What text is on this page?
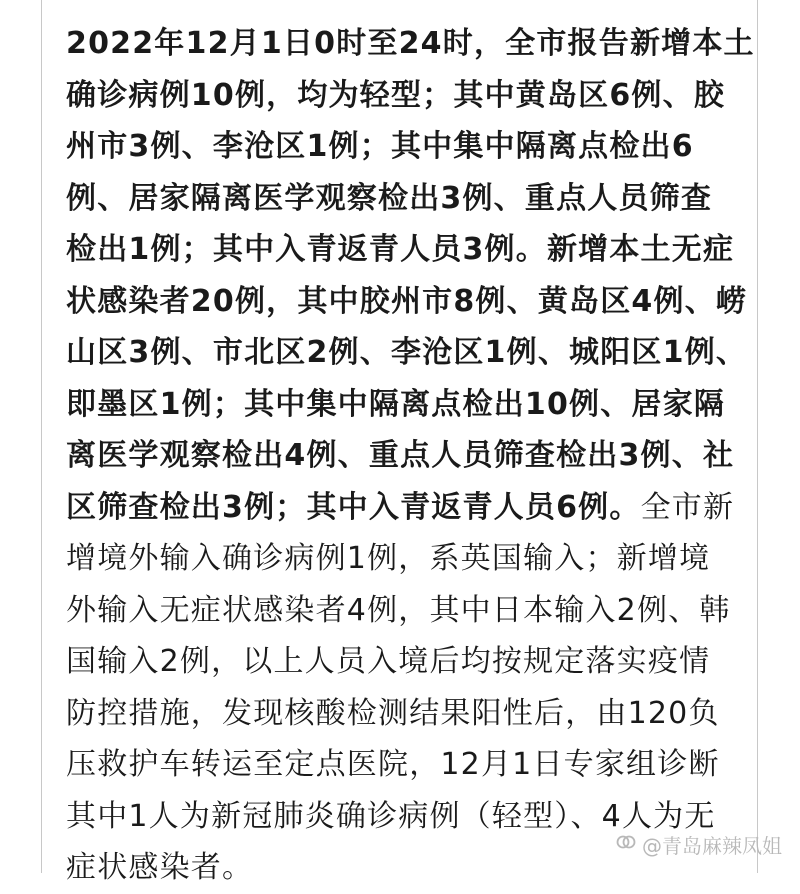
2022年12月1日0时至24时，全市报告新增本土
确诊病例10例，均为轻型；其中黄岛区6例、胶
州市3例、李沧区1例；其中集中隔离点检出6
例、居家隔离医学观察检出3例、重点人员筛查
检出1例；其中入青返青人员3例。新增本土无症
状感染者20例，其中胶州市8例、黄岛区4例、崂
山区3例、市北区2例、李沧区1例、城阳区1例、
即墨区1例；其中集中隔离点检出10例、居家隔
离医学观察检出4例、重点人员筛查检出3例、社
区筛查检出3例；其中入青返青人员6例。全市新
增境外输入确诊病例1例，系英国输入；新增境
外输入无症状感染者4例，其中日本输入2例、韩
国输入2例，以上人员入境后均按规定落实疫情
防控措施，发现核酸检测结果阳性后，由120负
压救护车转运至定点医院，12月1日专家组诊断
其中1人为新冠肺炎确诊病例（轻型）、4人为无
症状感染者。
@青岛麻辣凤姐
